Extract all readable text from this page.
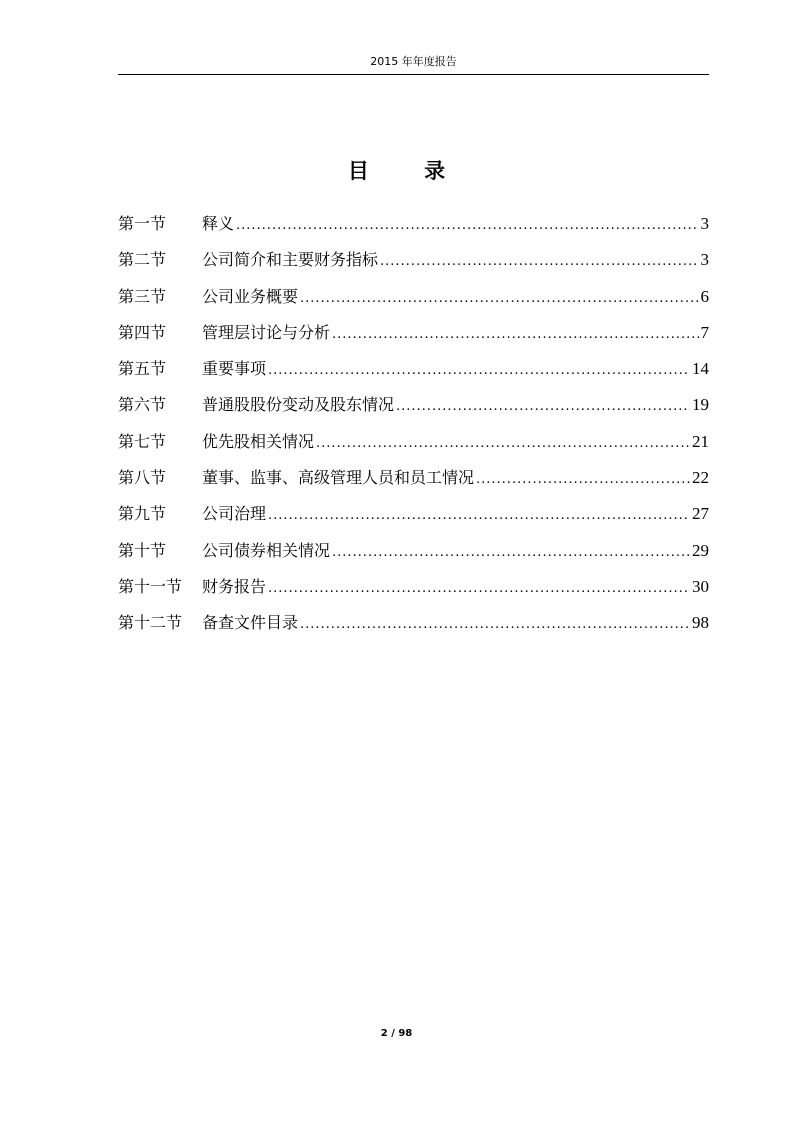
2015 年年度报告
目 录
第一节	释义 .....	3
第二节	公司简介和主要财务指标 .....	3
第三节	公司业务概要 .....	6
第四节	管理层讨论与分析 .....	7
第五节	重要事项 .....	14
第六节	普通股股份变动及股东情况 .....	19
第七节	优先股相关情况 .....	21
第八节	董事、监事、高级管理人员和员工情况 .....	22
第九节	公司治理 .....	27
第十节	公司债券相关情况 .....	29
第十一节	财务报告 .....	30
第十二节	备查文件目录 .....	98
2 / 98
